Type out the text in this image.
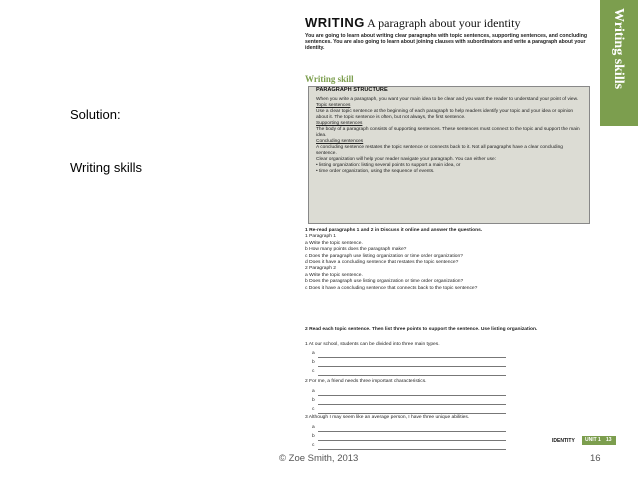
Solution:
Writing skills
Writing skills
WRITING A paragraph about your identity
You are going to learn about writing clear paragraphs with topic sentences, supporting sentences, and concluding sentences. You are also going to learn about joining clauses with subordinators and write a paragraph about your identity.
Writing skill
PARAGRAPH STRUCTURE
When you write a paragraph, you want your main idea to be clear and you want the reader to understand your point of view.
Topic sentences
Use a clear topic sentence at the beginning of each paragraph to help readers identify your topic and your idea or opinion about it. The topic sentence is often, but not always, the first sentence.
Supporting sentences
The body of a paragraph consists of supporting sentences. These sentences must connect to the topic and support the main idea.
Concluding sentences
A concluding sentence restates the topic sentence or connects back to it. Not all paragraphs have a clear concluding sentence.
Clear organization will help your reader navigate your paragraph. You can either use:
• listing organization: listing several points to support a main idea, or
• time order organization, using the sequence of events.
1 Re-read paragraphs 1 and 2 in Discuss it online and answer the questions.
1 Paragraph 1
a Write the topic sentence.
b How many points does the paragraph make?
c Does the paragraph use listing organization or time order organization?
d Does it have a concluding sentence that restates the topic sentence?
2 Paragraph 2
a Write the topic sentence.
b Does the paragraph use listing organization or time order organization?
c Does it have a concluding sentence that connects back to the topic sentence?
2 Read each topic sentence. Then list three points to support the sentence. Use listing organization.
1 At our school, students can be divided into three main types.
a
b
c
2 For me, a friend needs three important characteristics.
a
b
c
3 Although I may seem like an average person, I have three unique abilities.
a
b
c
IDENTITY UNIT 1 13
© Zoe Smith, 2013	16
